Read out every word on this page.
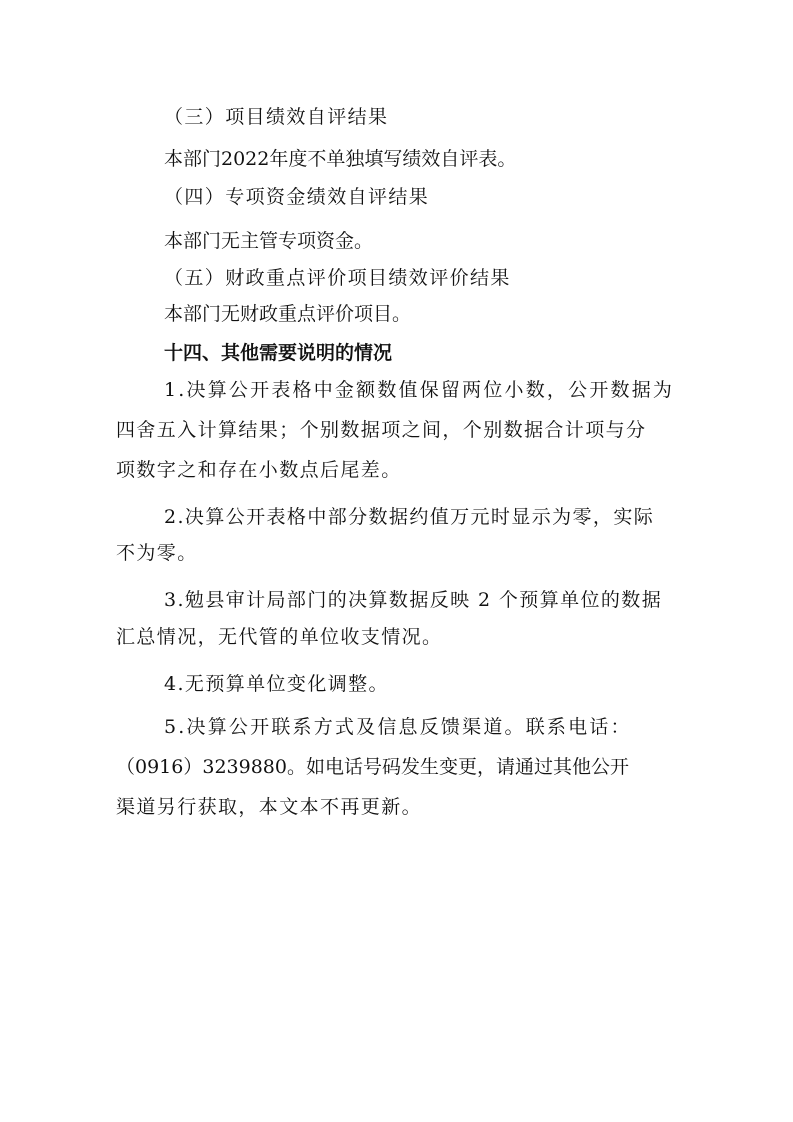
（三）项目绩效自评结果
本部门2022年度不单独填写绩效自评表。
（四）专项资金绩效自评结果
本部门无主管专项资金。
（五）财政重点评价项目绩效评价结果
本部门无财政重点评价项目。
十四、其他需要说明的情况
1.决算公开表格中金额数值保留两位小数，公开数据为
四舍五入计算结果；个别数据项之间，个别数据合计项与分
项数字之和存在小数点后尾差。
2.决算公开表格中部分数据约值万元时显示为零，实际
不为零。
3.勉县审计局部门的决算数据反映 2 个预算单位的数据
汇总情况，无代管的单位收支情况。
4.无预算单位变化调整。
5.决算公开联系方式及信息反馈渠道。联系电话：
（0916）3239880。如电话号码发生变更，请通过其他公开
渠道另行获取，本文本不再更新。
